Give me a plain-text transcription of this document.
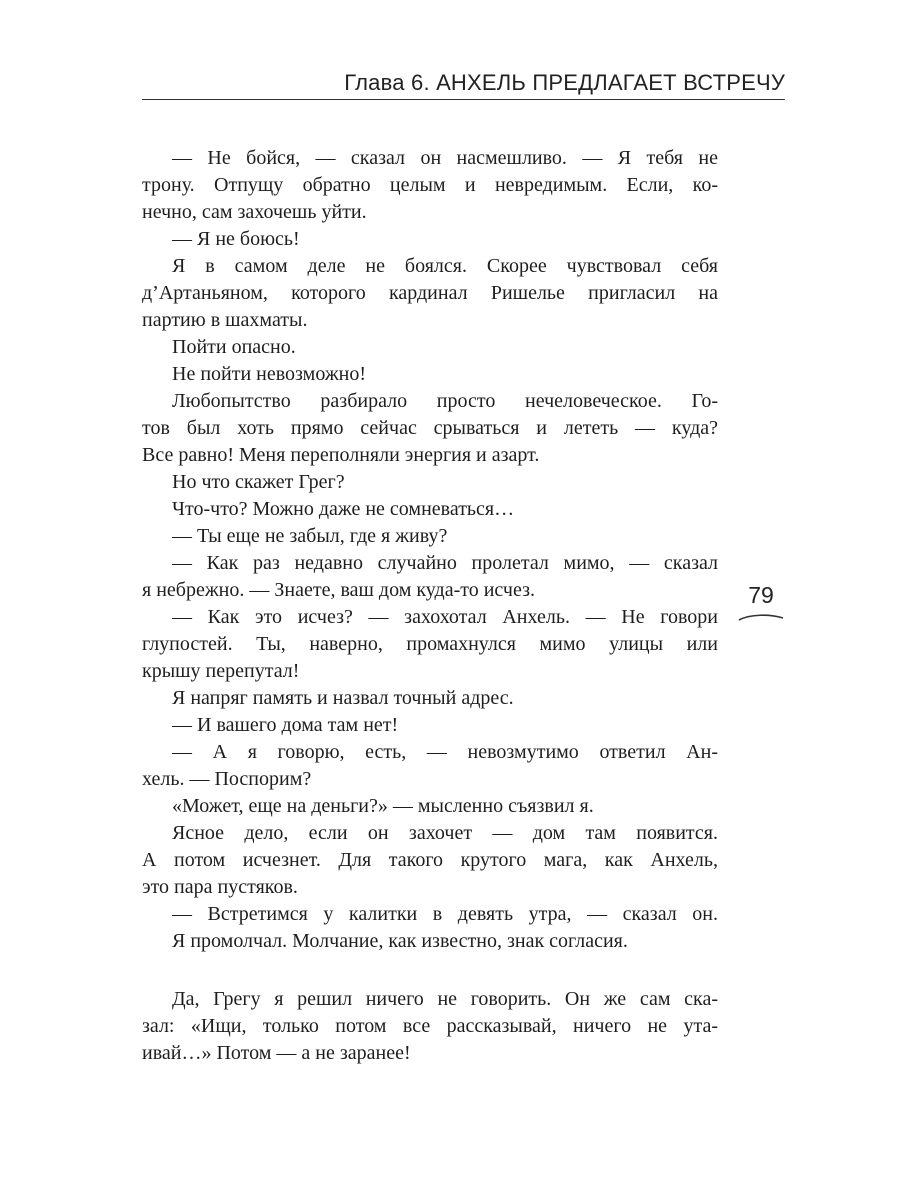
Глава 6. АНХЕЛЬ ПРЕДЛАГАЕТ ВСТРЕЧУ
79
— Не бойся, — сказал он насмешливо. — Я тебя не
трону. Отпущу обратно целым и невредимым. Если, ко-
нечно, сам захочешь уйти.
— Я не боюсь!
Я в самом деле не боялся. Скорее чувствовал себя
д’Артаньяном, которого кардинал Ришелье пригласил на
партию в шахматы.
Пойти опасно.
Не пойти невозможно!
Любопытство разбирало просто нечеловеческое. Го-
тов был хоть прямо сейчас срываться и лететь — куда?
Все равно! Меня переполняли энергия и азарт.
Но что скажет Грег?
Что-что? Можно даже не сомневаться…
— Ты еще не забыл, где я живу?
— Как раз недавно случайно пролетал мимо, — сказал
я небрежно. — Знаете, ваш дом куда-то исчез.
— Как это исчез? — захохотал Анхель. — Не говори
глупостей. Ты, наверно, промахнулся мимо улицы или
крышу перепутал!
Я напряг память и назвал точный адрес.
— И вашего дома там нет!
— А я говорю, есть, — невозмутимо ответил Ан-
хель. — Поспорим?
«Может, еще на деньги?» — мысленно съязвил я.
Ясное дело, если он захочет — дом там появится.
А потом исчезнет. Для такого крутого мага, как Анхель,
это пара пустяков.
— Встретимся у калитки в девять утра, — сказал он.
Я промолчал. Молчание, как известно, знак согласия.
Да, Грегу я решил ничего не говорить. Он же сам ска-
зал: «Ищи, только потом все рассказывай, ничего не ута-
ивай…» Потом — а не заранее!
